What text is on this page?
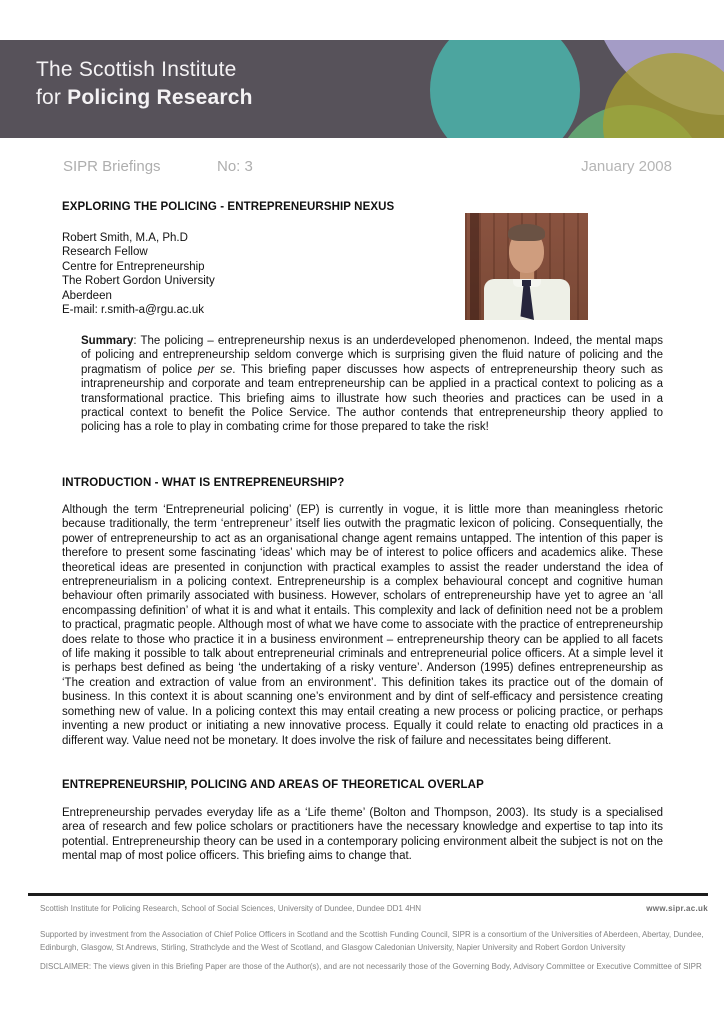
The Scottish Institute
for Policing Research
SIPR Briefings	No: 3	January 2008
EXPLORING THE POLICING - ENTREPRENEURSHIP NEXUS
Robert Smith, M.A, Ph.D
Research Fellow
Centre for Entrepreneurship
The Robert Gordon University
Aberdeen
E-mail: r.smith-a@rgu.ac.uk
Summary: The policing – entrepreneurship nexus is an underdeveloped phenomenon. Indeed, the mental maps of policing and entrepreneurship seldom converge which is surprising given the fluid nature of policing and the pragmatism of police per se. This briefing paper discusses how aspects of entrepreneurship theory such as intrapreneurship and corporate and team entrepreneurship can be applied in a practical context to policing as a transformational practice. This briefing aims to illustrate how such theories and practices can be used in a practical context to benefit the Police Service. The author contends that entrepreneurship theory applied to policing has a role to play in combating crime for those prepared to take the risk!
INTRODUCTION - WHAT IS ENTREPRENEURSHIP?
Although the term ‘Entrepreneurial policing’ (EP) is currently in vogue, it is little more than meaningless rhetoric because traditionally, the term ‘entrepreneur’ itself lies outwith the pragmatic lexicon of policing. Consequentially, the power of entrepreneurship to act as an organisational change agent remains untapped. The intention of this paper is therefore to present some fascinating ‘ideas’ which may be of interest to police officers and academics alike. These theoretical ideas are presented in conjunction with practical examples to assist the reader understand the idea of entrepreneurialism in a policing context. Entrepreneurship is a complex behavioural concept and cognitive human behaviour often primarily associated with business. However, scholars of entrepreneurship have yet to agree an ‘all encompassing definition’ of what it is and what it entails. This complexity and lack of definition need not be a problem to practical, pragmatic people. Although most of what we have come to associate with the practice of entrepreneurship does relate to those who practice it in a business environment – entrepreneurship theory can be applied to all facets of life making it possible to talk about entrepreneurial criminals and entrepreneurial police officers. At a simple level it is perhaps best defined as being ‘the undertaking of a risky venture’. Anderson (1995) defines entrepreneurship as ‘The creation and extraction of value from an environment’. This definition takes its practice out of the domain of business. In this context it is about scanning one’s environment and by dint of self-efficacy and persistence creating something new of value. In a policing context this may entail creating a new process or policing practice, or perhaps inventing a new product or initiating a new innovative process. Equally it could relate to enacting old practices in a different way. Value need not be monetary. It does involve the risk of failure and necessitates being different.
ENTREPRENEURSHIP, POLICING AND AREAS OF THEORETICAL OVERLAP
Entrepreneurship pervades everyday life as a ‘Life theme’ (Bolton and Thompson, 2003). Its study is a specialised area of research and few police scholars or practitioners have the necessary knowledge and expertise to tap into its potential. Entrepreneurship theory can be used in a contemporary policing environment albeit the subject is not on the mental map of most police officers. This briefing aims to change that.
Scottish Institute for Policing Research, School of Social Sciences, University of Dundee, Dundee DD1 4HN	www.sipr.ac.uk
Supported by investment from the Association of Chief Police Officers in Scotland and the Scottish Funding Council, SIPR is a consortium of the Universities of Aberdeen, Abertay, Dundee, Edinburgh, Glasgow, St Andrews, Stirling, Strathclyde and the West of Scotland, and Glasgow Caledonian University, Napier University and Robert Gordon University
DISCLAIMER: The views given in this Briefing Paper are those of the Author(s), and are not necessarily those of the Governing Body, Advisory Committee or Executive Committee of SIPR
